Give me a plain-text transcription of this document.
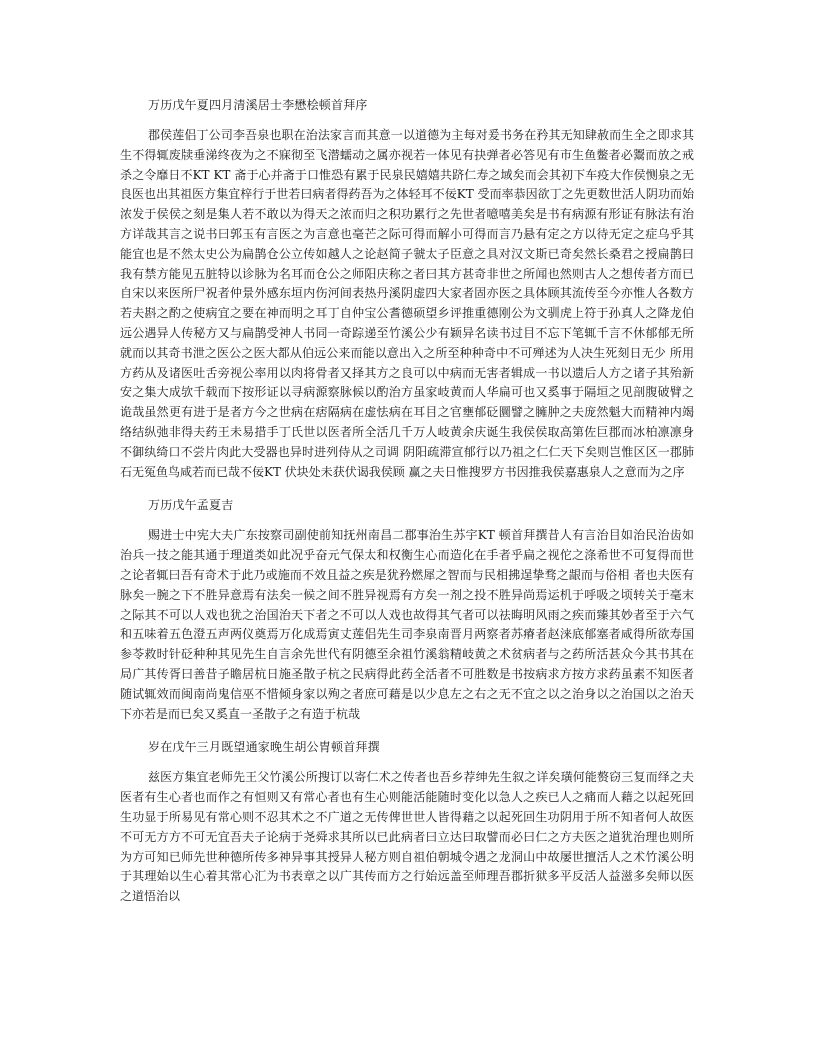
万历戊午夏四月清溪居士李懋桧顿首拜序

郡侯莲侣丁公司李吾泉也职在治法家言而其意一以道德为主每对爰书务在矜其无知肆赦而生全之即求其生不得辄废牍垂涕终夜为之不寐彻至飞潜蠕动之属亦视若一体见有抉弹者必答见有市生鱼鳖者必鬻而放之戒杀之令靡日不KT KT 斋于心并斋于口惟恐有累于民泉民嬉嬉共跻仁寿之域矣而会其初下车疫大作侯恻泉之无良医也出其祖医方集宜梓行于世若曰病者得药吾为之体轻耳不佞KT 受而率恭因欲丁之先更数世活人阴功而始浓发于侯侯之刻是集人若不敢以为得天之浓而归之积功累行之先世者噫嘻美矣是书有病源有形证有脉法有治方详哉其言之说书曰郭玉有言医之为言意也毫芒之际可得而解小可得而言乃悬有定之方以待无定之症乌乎其能宜也是不然太史公为扁鹊仓公立传如越人之论赵简子虢太子臣意之具对汉文斯已奇矣然长桑君之授扁鹊曰我有禁方能见五脏特以诊脉为名耳而仓公之师阳庆称之者曰其方甚奇非世之所闻也然则古人之想传者方而已自宋以来医所尸祝者仲景外感东垣内伤河间表热丹溪阴虚四大家者固亦医之具体顾其流传至今亦惟人各数方若夫斟之酌之使病宜之要在神而明之耳丁自仲宝公耆德硕望乡评推重德刚公为文驯虎上符于孙真人之降龙伯远公遇异人传秘方又与扁鹊受神人书同一奇踪递至竹溪公少有颖异名读书过目不忘下笔辄千言不休郁郁无所就而以其奇书泄之医公之医大都从伯远公来而能以意出入之所至种种奇中不可殚述为人决生死刻日无少 所用方药从及诸医吐舌旁视公率用以肉将骨者又择其方之良可以中病而无害者辑成一书以遗后人方之诸子其殆新安之集大成欤千载而下按形证以寻病源察脉候以酌治方虽家岐黄而人华扁可也又奚事于隔垣之见剖腹破臂之诡哉虽然更有进于是者方今之世病在痞隔病在虚怯病在耳目之官壅郁砭圜譬之臃肿之夫庞然魁大而精神内竭络结纵弛非得夫药王未易措手丁氏世以医者所全活几千万人岐黄余庆诞生我侯侯取高第佐巨郡而冰柏凛凛身不御纨绮口不尝片肉此大受器也异时进列侍从之司调 阴阳疏滞宣郁行以乃祖之仁仁天下矣则岂惟区区一郡肺石无冤鱼鸟咸若而已哉不佞KT 伏块处未获伏谒我侯顾 赢之夫日惟搜罗方书因推我侯嘉惠泉人之意而为之序

万历戊午孟夏吉

赐进士中宪大夫广东按察司副使前知抚州南昌二郡事治生苏宇KT 顿首拜撰昔人有言治目如治民治齿如治兵一技之能其通于理道类如此况乎奋元气保太和权衡生心而造化在手者乎扁之视佗之涤希世不可复得而世之论者辄曰吾有奇术于此乃或施而不效且益之疾是犹矜燃犀之智而与民相拂逞挚骛之龈而与俗相 者也夫医有脉矣一腕之下不胜异意焉有法矣一候之间不胜异视焉有方矣一剂之投不胜异尚焉运机于呼吸之顷转关于毫末之际其不可以人戏也犹之治国治天下者之不可以人戏也故得其气者可以祛晦明风雨之疾而臻其妙者至于六气和五味着五色澄五声两仪奠焉万化成焉寅丈莲侣先生司李泉南晋月两察者苏瘠者赵涞底郁塞者咸得所欲寿国参苓救时针砭种种其见先生自言余先世代有阴德至余祖竹溪翁精岐黄之术贫病者与之药所活甚众今其书其在局广其传胥曰善昔子瞻居杭日施圣散子杭之民病得此药全活者不可胜数是书按病求方按方求药虽素不知医者随试辄效而闽南尚鬼信巫不惜倾身家以殉之者庶可藉是以少息左之右之无不宜之以之治身以之治国以之治天下亦若是而已矣又奚直一圣散子之有造于杭哉

岁在戊午三月既望通家晚生胡公胄顿首拜撰

兹医方集宜老师先王父竹溪公所搜订以寄仁术之传者也吾乡荐绅先生叙之详矣璜何能赘窃三复而绎之夫医者有生心者也而作之有恒则又有常心者也有生心则能活能随时变化以急人之疾已人之痛而人藉之以起死回生功显于所易见有常心则不忍其术之不广道之无传俾世世人皆得藉之以起死回生功阴用于所不知者何人故医不可无方方不可无宜吾夫子论病于尧舜求其所以已此病者曰立达曰取譬而必曰仁之方夫医之道犹治理也则所为方可知已师先世种德所传多神异事其授异人秘方则自祖伯朝城令遇之龙洞山中故屡世擅活人之术竹溪公明于其理始以生心着其常心汇为书表章之以广其传而方之行始远盖至师理吾郡折狱多平反活人益滋多矣师以医之道悟治以
